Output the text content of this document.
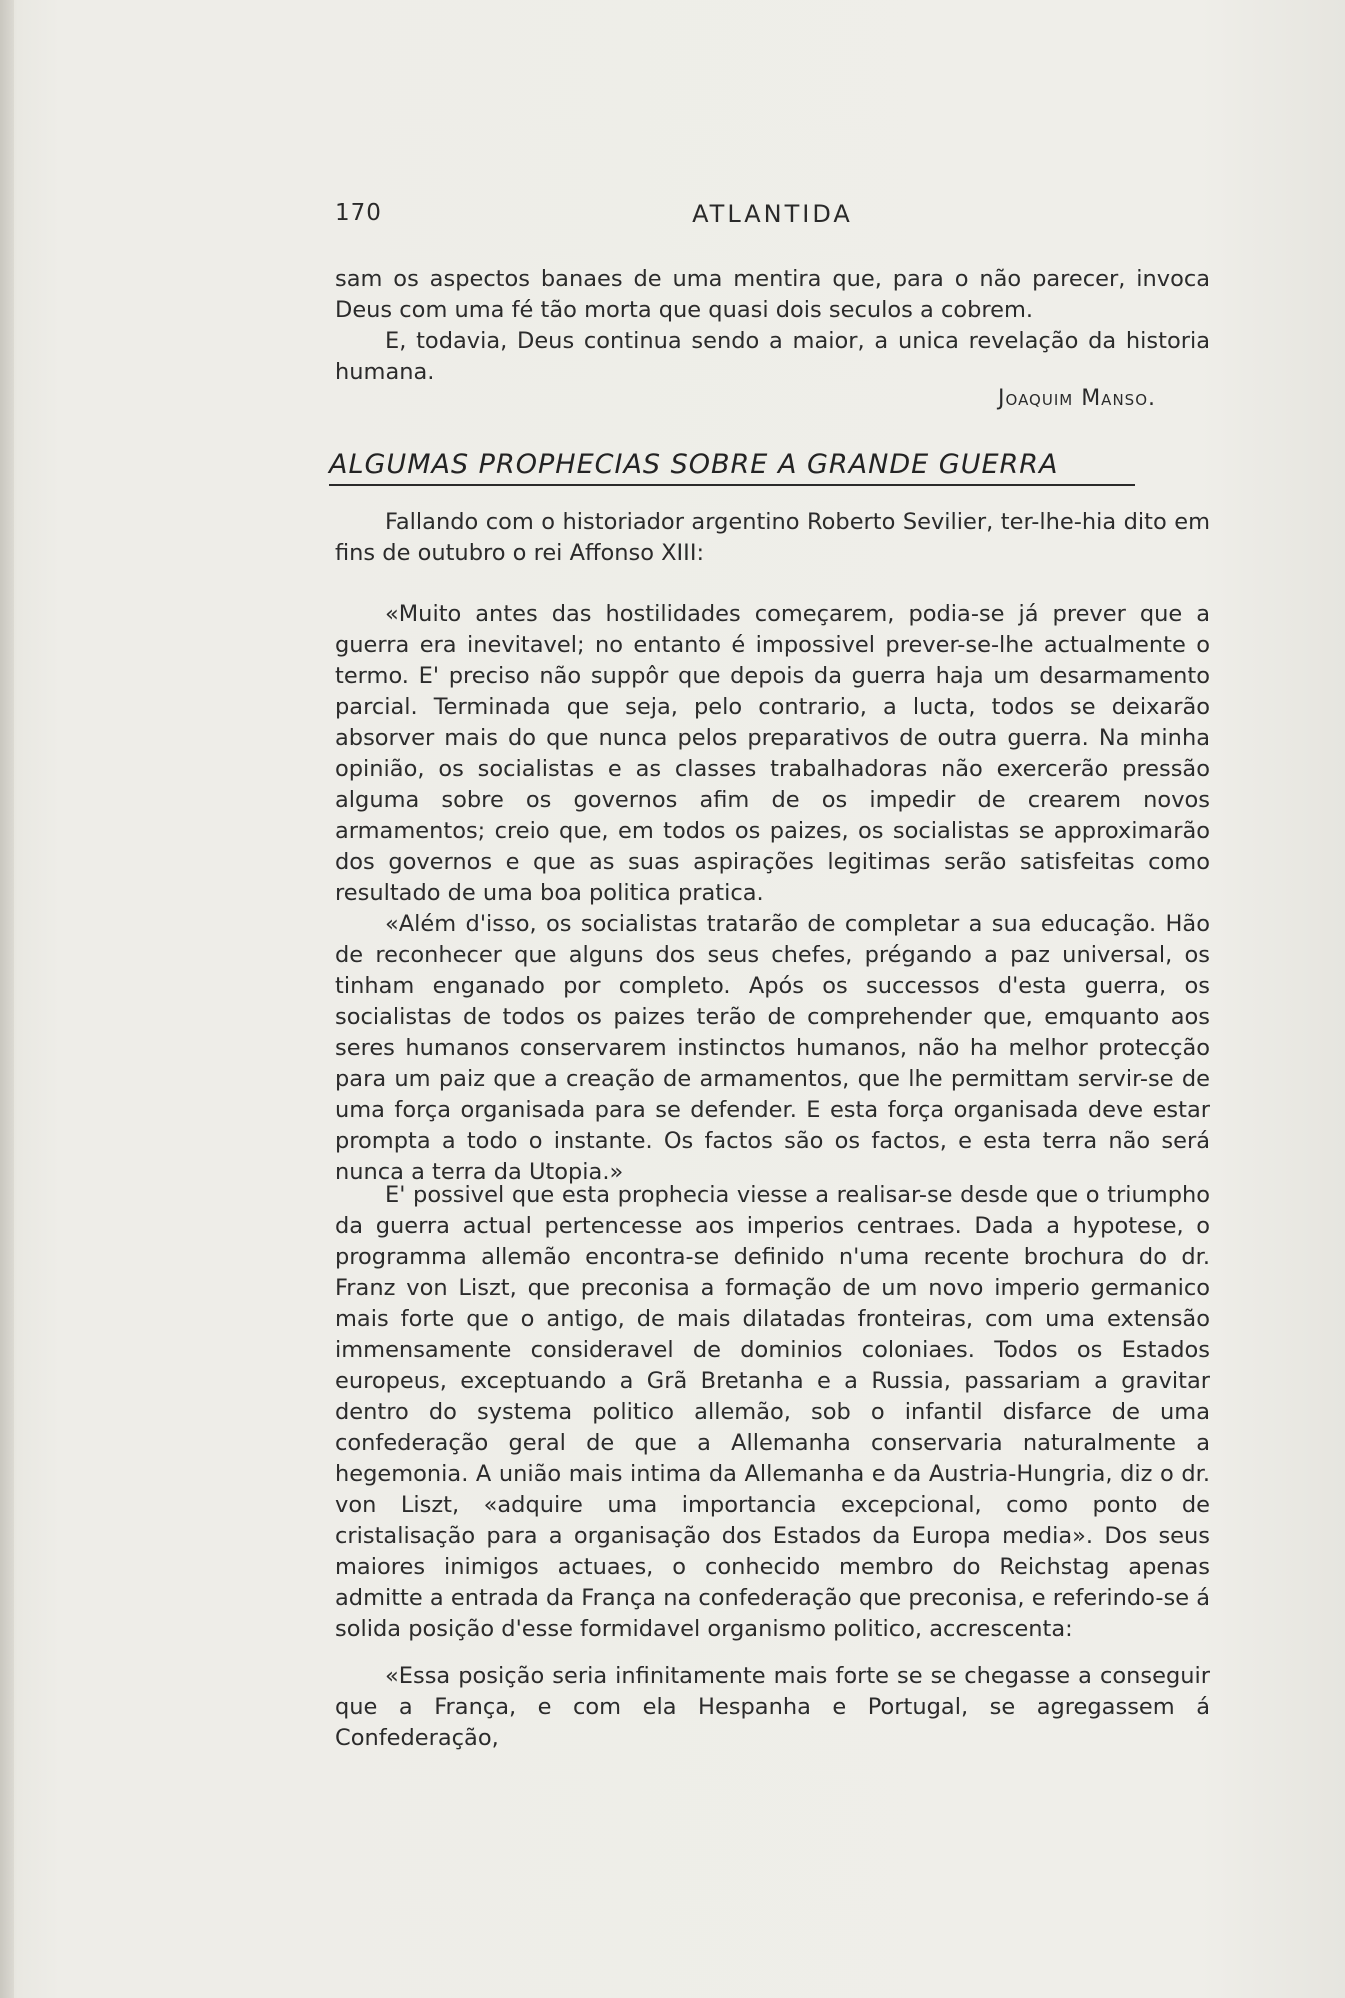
170	ATLANTIDA

sam os aspectos banaes de uma mentira que, para o não parecer, invoca Deus com uma fé tão morta que quasi dois seculos a cobrem.

E, todavia, Deus continua sendo a maior, a unica revelação da historia humana.

Joaquim Manso.
ALGUMAS PROPHECIAS SOBRE A GRANDE GUERRA

Fallando com o historiador argentino Roberto Sevilier, ter-lhe-hia dito em fins de outubro o rei Affonso XIII:

«Muito antes das hostilidades começarem, podia-se já prever que a guerra era inevitavel; no entanto é impossivel prever-se-lhe actualmente o termo. E' preciso não suppôr que depois da guerra haja um desarmamento parcial. Terminada que seja, pelo contrario, a lucta, todos se deixarão absorver mais do que nunca pelos preparativos de outra guerra. Na minha opinião, os socialistas e as classes trabalhadoras não exercerão pressão alguma sobre os governos afim de os impedir de crearem novos armamentos; creio que, em todos os paizes, os socialistas se approximarão dos governos e que as suas aspirações legitimas serão satisfeitas como resultado de uma boa politica pratica.

«Além d'isso, os socialistas tratarão de completar a sua educação. Hão de reconhecer que alguns dos seus chefes, prégando a paz universal, os tinham enganado por completo. Após os successos d'esta guerra, os socialistas de todos os paizes terão de comprehender que, emquanto aos seres humanos conservarem instinctos humanos, não ha melhor protecção para um paiz que a creação de armamentos, que lhe permittam servir-se de uma força organisada para se defender. E esta força organisada deve estar prompta a todo o instante. Os factos são os factos, e esta terra não será nunca a terra da Utopia.»

E' possivel que esta prophecia viesse a realisar-se desde que o triumpho da guerra actual pertencesse aos imperios centraes. Dada a hypotese, o programma allemão encontra-se definido n'uma recente brochura do dr. Franz von Liszt, que preconisa a formação de um novo imperio germanico mais forte que o antigo, de mais dilatadas fronteiras, com uma extensão immensamente consideravel de dominios coloniaes. Todos os Estados europeus, exceptuando a Grã Bretanha e a Russia, passariam a gravitar dentro do systema politico allemão, sob o infantil disfarce de uma confederação geral de que a Allemanha conservaria naturalmente a hegemonia. A união mais intima da Allemanha e da Austria-Hungria, diz o dr. von Liszt, «adquire uma importancia excepcional, como ponto de cristalisação para a organisação dos Estados da Europa media». Dos seus maiores inimigos actuaes, o conhecido membro do Reichstag apenas admitte a entrada da França na confederação que preconisa, e referindo-se á solida posição d'esse formidavel organismo politico, accrescenta:

«Essa posição seria infinitamente mais forte se se chegasse a conseguir que a França, e com ela Hespanha e Portugal, se agregassem á Confederação,
